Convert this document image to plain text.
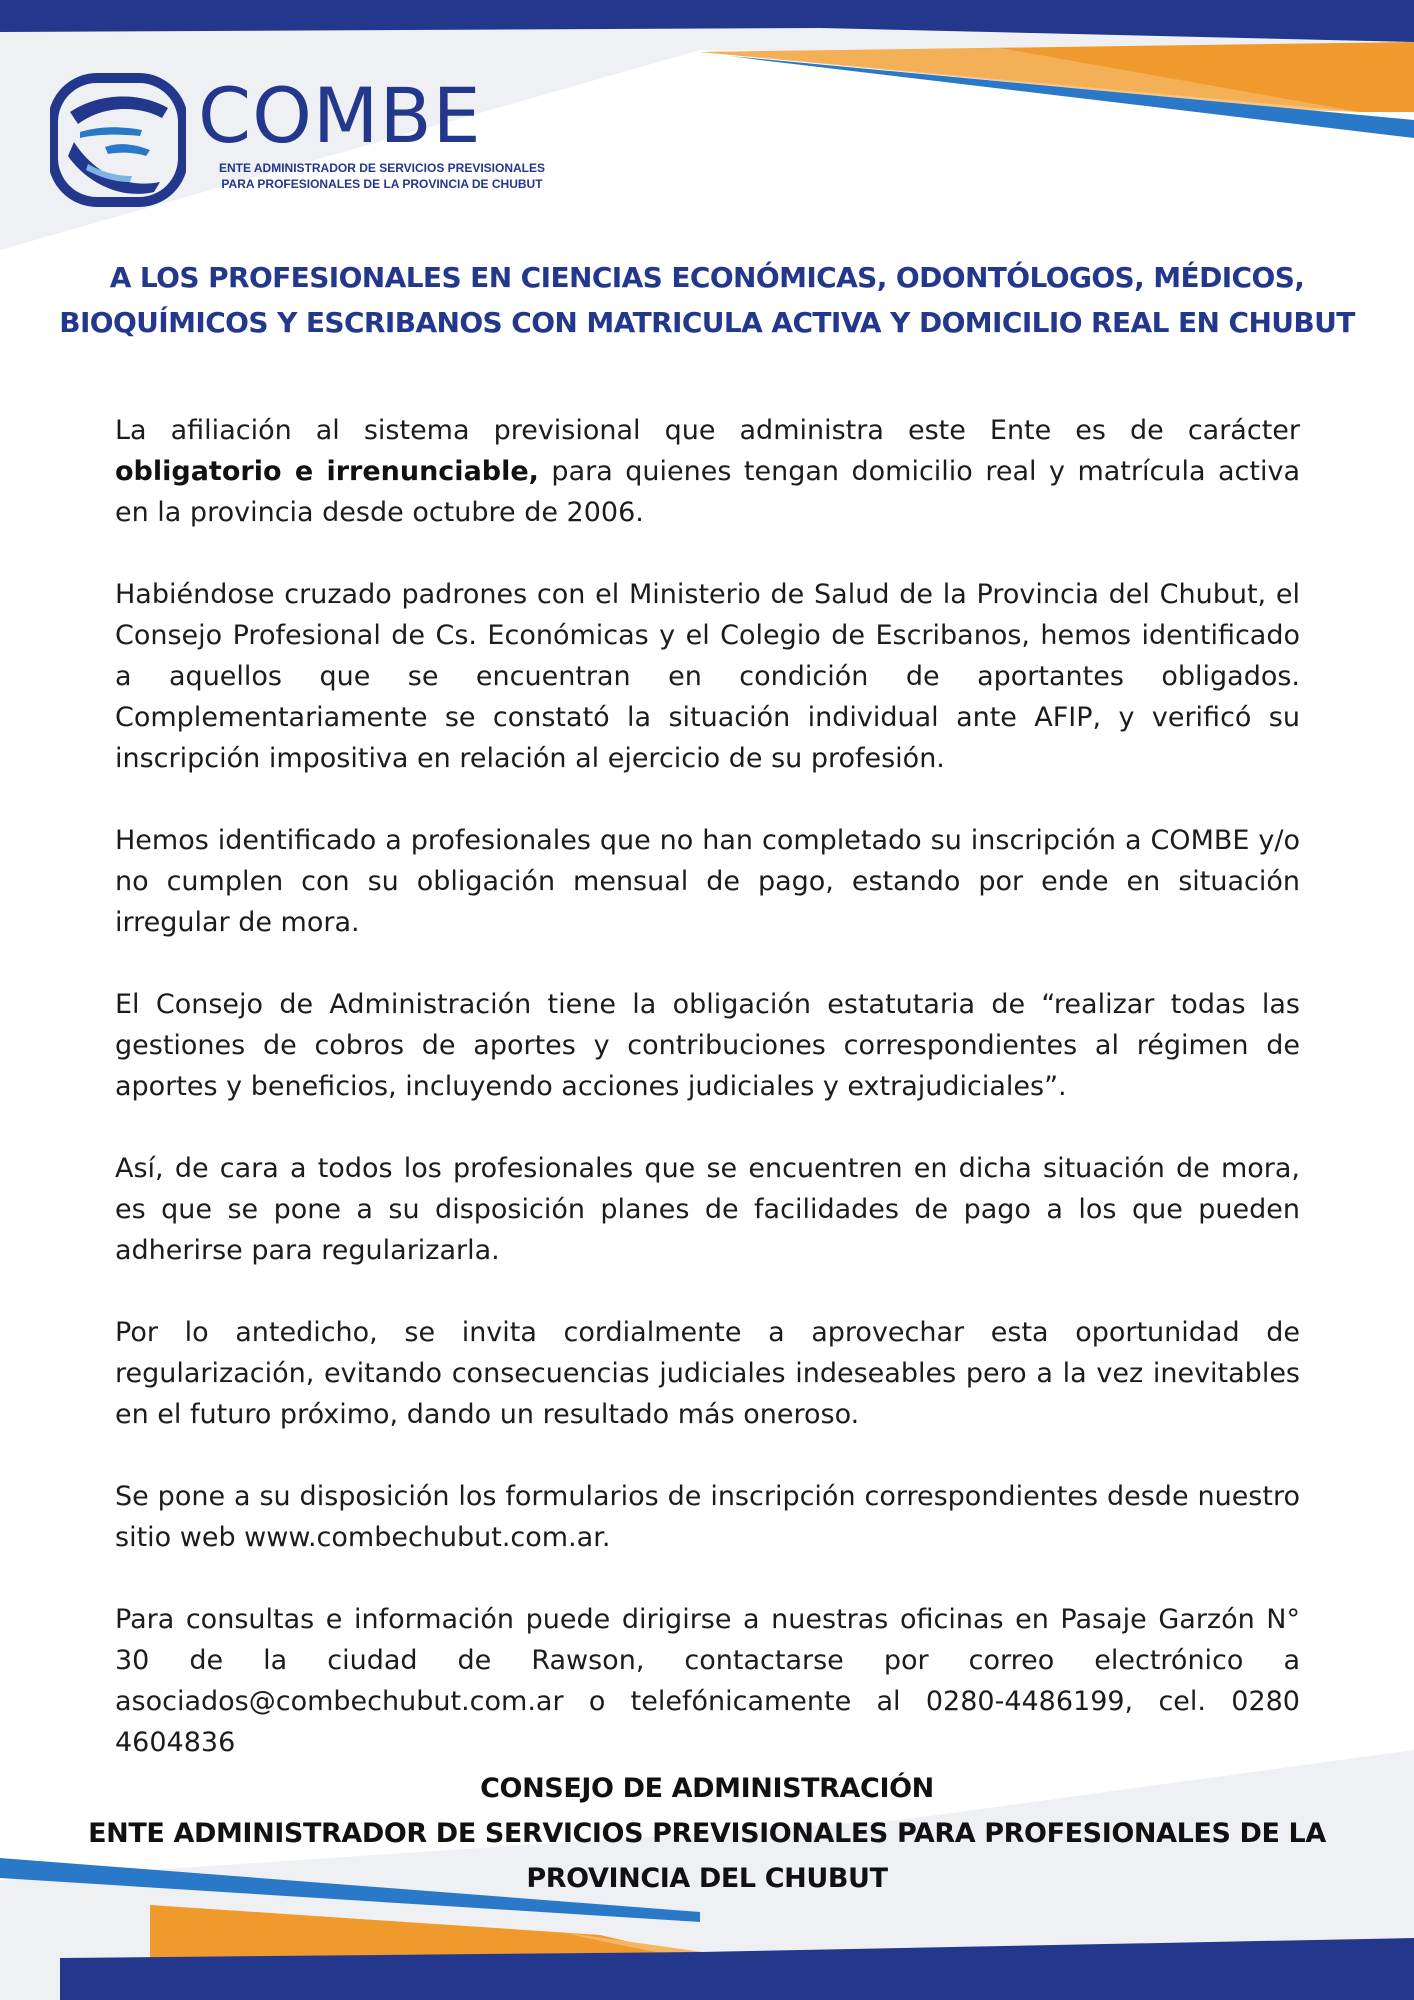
COMBE
ENTE ADMINISTRADOR DE SERVICIOS PREVISIONALES
PARA PROFESIONALES DE LA PROVINCIA DE CHUBUT
A LOS PROFESIONALES EN CIENCIAS ECONÓMICAS, ODONTÓLOGOS, MÉDICOS, BIOQUÍMICOS Y ESCRIBANOS CON MATRICULA ACTIVA Y DOMICILIO REAL EN CHUBUT

La afiliación al sistema previsional que administra este Ente es de carácter obligatorio e irrenunciable, para quienes tengan domicilio real y matrícula activa en la provincia desde octubre de 2006.

Habiéndose cruzado padrones con el Ministerio de Salud de la Provincia del Chubut, el Consejo Profesional de Cs. Económicas y el Colegio de Escribanos, hemos identificado a aquellos que se encuentran en condición de aportantes obligados. Complementariamente se constató la situación individual ante AFIP, y verificó su inscripción impositiva en relación al ejercicio de su profesión.

Hemos identificado a profesionales que no han completado su inscripción a COMBE y/o no cumplen con su obligación mensual de pago, estando por ende en situación irregular de mora.

El Consejo de Administración tiene la obligación estatutaria de “realizar todas las gestiones de cobros de aportes y contribuciones correspondientes al régimen de aportes y beneficios, incluyendo acciones judiciales y extrajudiciales”.

Así, de cara a todos los profesionales que se encuentren en dicha situación de mora, es que se pone a su disposición planes de facilidades de pago a los que pueden adherirse para regularizarla.

Por lo antedicho, se invita cordialmente a aprovechar esta oportunidad de regularización, evitando consecuencias judiciales indeseables pero a la vez inevitables en el futuro próximo, dando un resultado más oneroso.

Se pone a su disposición los formularios de inscripción correspondientes desde nuestro sitio web www.combechubut.com.ar.

Para consultas e información puede dirigirse a nuestras oficinas en Pasaje Garzón N° 30 de la ciudad de Rawson, contactarse por correo electrónico a asociados@combechubut.com.ar o telefónicamente al 0280-4486199, cel. 0280 4604836

CONSEJO DE ADMINISTRACIÓN
ENTE ADMINISTRADOR DE SERVICIOS PREVISIONALES PARA PROFESIONALES DE LA PROVINCIA DEL CHUBUT
